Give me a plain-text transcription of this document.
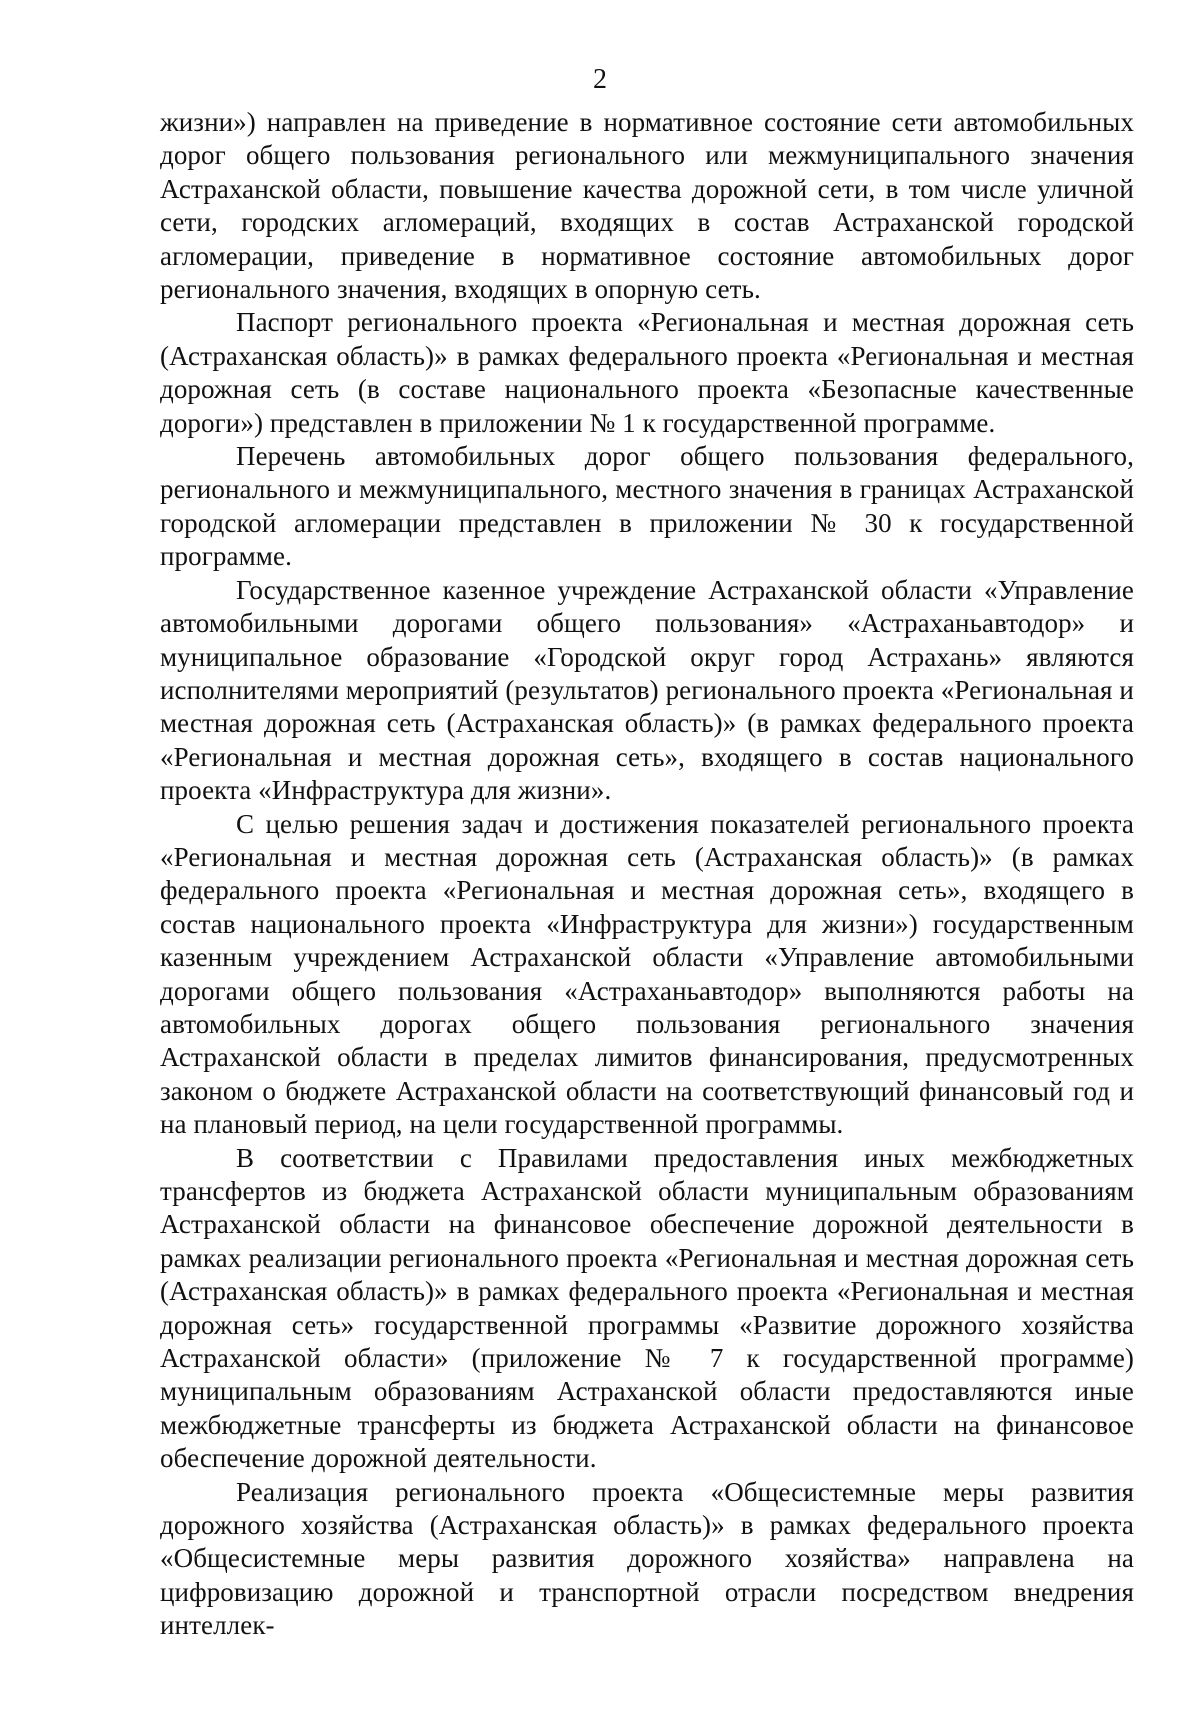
2

жизни») направлен на приведение в нормативное состояние сети автомобильных дорог общего пользования регионального или межмуниципального значения Астраханской области, повышение качества дорожной сети, в том числе уличной сети, городских агломераций, входящих в состав Астраханской городской агломерации, приведение в нормативное состояние автомобильных дорог регионального значения, входящих в опорную сеть.

Паспорт регионального проекта «Региональная и местная дорожная сеть (Астраханская область)» в рамках федерального проекта «Региональная и местная дорожная сеть (в составе национального проекта «Безопасные качественные дороги») представлен в приложении № 1 к государственной программе.

Перечень автомобильных дорог общего пользования федерального, регионального и межмуниципального, местного значения в границах Астраханской городской агломерации представлен в приложении № 30 к государственной программе.

Государственное казенное учреждение Астраханской области «Управление автомобильными дорогами общего пользования» «Астраханьавтодор» и муниципальное образование «Городской округ город Астрахань» являются исполнителями мероприятий (результатов) регионального проекта «Региональная и местная дорожная сеть (Астраханская область)» (в рамках федерального проекта «Региональная и местная дорожная сеть», входящего в состав национального проекта «Инфраструктура для жизни».

С целью решения задач и достижения показателей регионального проекта «Региональная и местная дорожная сеть (Астраханская область)» (в рамках федерального проекта «Региональная и местная дорожная сеть», входящего в состав национального проекта «Инфраструктура для жизни») государственным казенным учреждением Астраханской области «Управление автомобильными дорогами общего пользования «Астраханьавтодор» выполняются работы на автомобильных дорогах общего пользования регионального значения Астраханской области в пределах лимитов финансирования, предусмотренных законом о бюджете Астраханской области на соответствующий финансовый год и на плановый период, на цели государственной программы.

В соответствии с Правилами предоставления иных межбюджетных трансфертов из бюджета Астраханской области муниципальным образованиям Астраханской области на финансовое обеспечение дорожной деятельности в рамках реализации регионального проекта «Региональная и местная дорожная сеть (Астраханская область)» в рамках федерального проекта «Региональная и местная дорожная сеть» государственной программы «Развитие дорожного хозяйства Астраханской области» (приложение № 7 к государственной программе) муниципальным образованиям Астраханской области предоставляются иные межбюджетные трансферты из бюджета Астраханской области на финансовое обеспечение дорожной деятельности.

Реализация регионального проекта «Общесистемные меры развития дорожного хозяйства (Астраханская область)» в рамках федерального проекта «Общесистемные меры развития дорожного хозяйства» направлена на цифровизацию дорожной и транспортной отрасли посредством внедрения интеллек-
